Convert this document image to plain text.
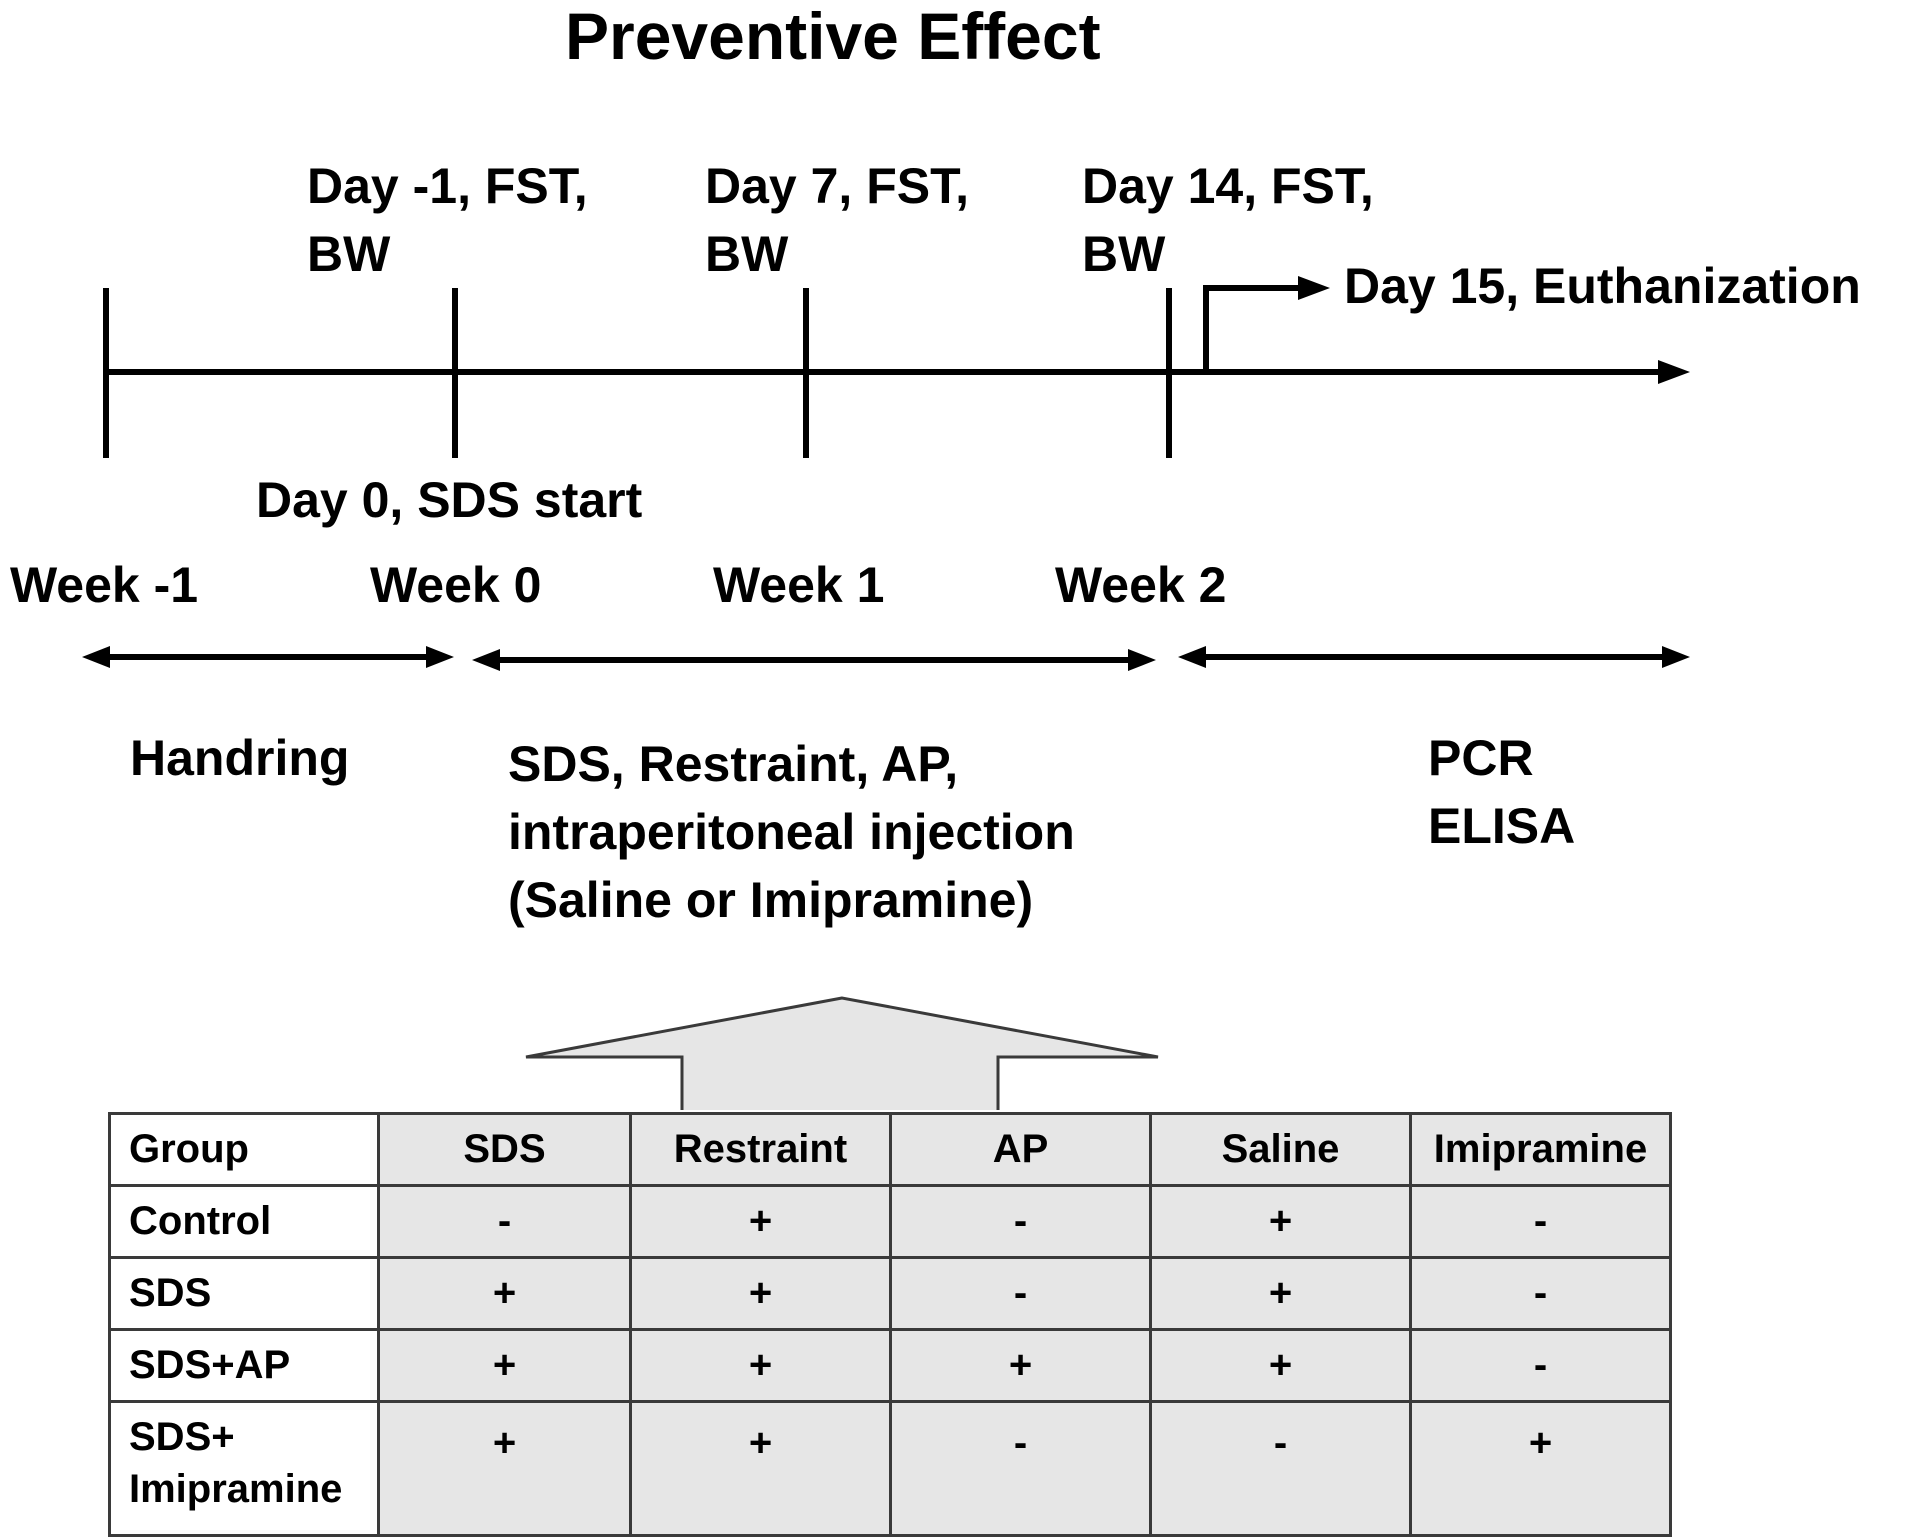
Preventive Effect
Day -1, FST,
BW
Day 7, FST,
BW
Day 14, FST,
BW
Day 15, Euthanization
Day 0, SDS start
Week -1	Week 0	Week 1	Week 2
Handring	SDS, Restraint, AP,
intraperitoneal injection
(Saline or Imipramine)
PCR
ELISA
Group	SDS	Restraint	AP	Saline	Imipramine
Control	-	+	-	+	-
SDS	+	+	-	+	-
SDS+AP	+	+	+	+	-
SDS+
Imipramine	+	+	-	-	+
